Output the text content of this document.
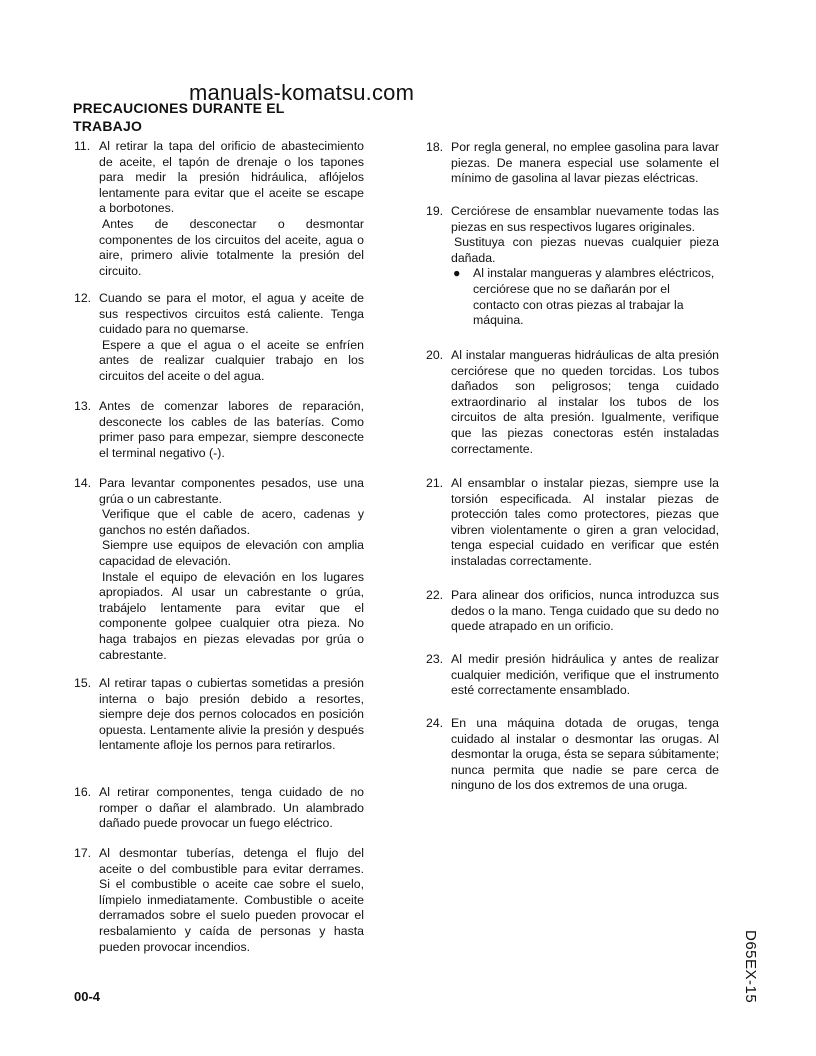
manuals-komatsu.com
PRECAUCIONES DURANTE EL
TRABAJO
11. Al retirar la tapa del orificio de abastecimiento de aceite, el tapón de drenaje o los tapones para medir la presión hidráulica, aflójelos lentamente para evitar que el aceite se escape a borbotones.

Antes de desconectar o desmontar componentes de los circuitos del aceite, agua o aire, primero alivie totalmente la presión del circuito.

12. Cuando se para el motor, el agua y aceite de sus respectivos circuitos está caliente. Tenga cuidado para no quemarse.

Espere a que el agua o el aceite se enfríen antes de realizar cualquier trabajo en los circuitos del aceite o del agua.

13. Antes de comenzar labores de reparación, desconecte los cables de las baterías. Como primer paso para empezar, siempre desconecte el terminal negativo (-).

14. Para levantar componentes pesados, use una grúa o un cabrestante.

Verifique que el cable de acero, cadenas y ganchos no estén dañados.

Siempre use equipos de elevación con amplia capacidad de elevación.

Instale el equipo de elevación en los lugares apropiados. Al usar un cabrestante o grúa, trabájelo lentamente para evitar que el componente golpee cualquier otra pieza. No haga trabajos en piezas elevadas por grúa o cabrestante.

15. Al retirar tapas o cubiertas sometidas a presión interna o bajo presión debido a resortes, siempre deje dos pernos colocados en posición opuesta. Lentamente alivie la presión y después lentamente afloje los pernos para retirarlos.

16. Al retirar componentes, tenga cuidado de no romper o dañar el alambrado. Un alambrado dañado puede provocar un fuego eléctrico.

17. Al desmontar tuberías, detenga el flujo del aceite o del combustible para evitar derrames. Si el combustible o aceite cae sobre el suelo, límpielo inmediatamente. Combustible o aceite derramados sobre el suelo pueden provocar el resbalamiento y caída de personas y hasta pueden provocar incendios.

18. Por regla general, no emplee gasolina para lavar piezas. De manera especial use solamente el mínimo de gasolina al lavar piezas eléctricas.

19. Cerciórese de ensamblar nuevamente todas las piezas en sus respectivos lugares originales.

Sustituya con piezas nuevas cualquier pieza dañada.

● Al instalar mangueras y alambres eléctricos, cerciórese que no se dañarán por el contacto con otras piezas al trabajar la máquina.
20. Al instalar mangueras hidráulicas de alta presión cerciórese que no queden torcidas. Los tubos dañados son peligrosos; tenga cuidado extraordinario al instalar los tubos de los circuitos de alta presión. Igualmente, verifique que las piezas conectoras estén instaladas correctamente.

21. Al ensamblar o instalar piezas, siempre use la torsión especificada. Al instalar piezas de protección tales como protectores, piezas que vibren violentamente o giren a gran velocidad, tenga especial cuidado en verificar que estén instaladas correctamente.

22. Para alinear dos orificios, nunca introduzca sus dedos o la mano. Tenga cuidado que su dedo no quede atrapado en un orificio.

23. Al medir presión hidráulica y antes de realizar cualquier medición, verifique que el instrumento esté correctamente ensamblado.

24. En una máquina dotada de orugas, tenga cuidado al instalar o desmontar las orugas. Al desmontar la oruga, ésta se separa súbitamente; nunca permita que nadie se pare cerca de ninguno de los dos extremos de una oruga.

00-4	D65EX-15
